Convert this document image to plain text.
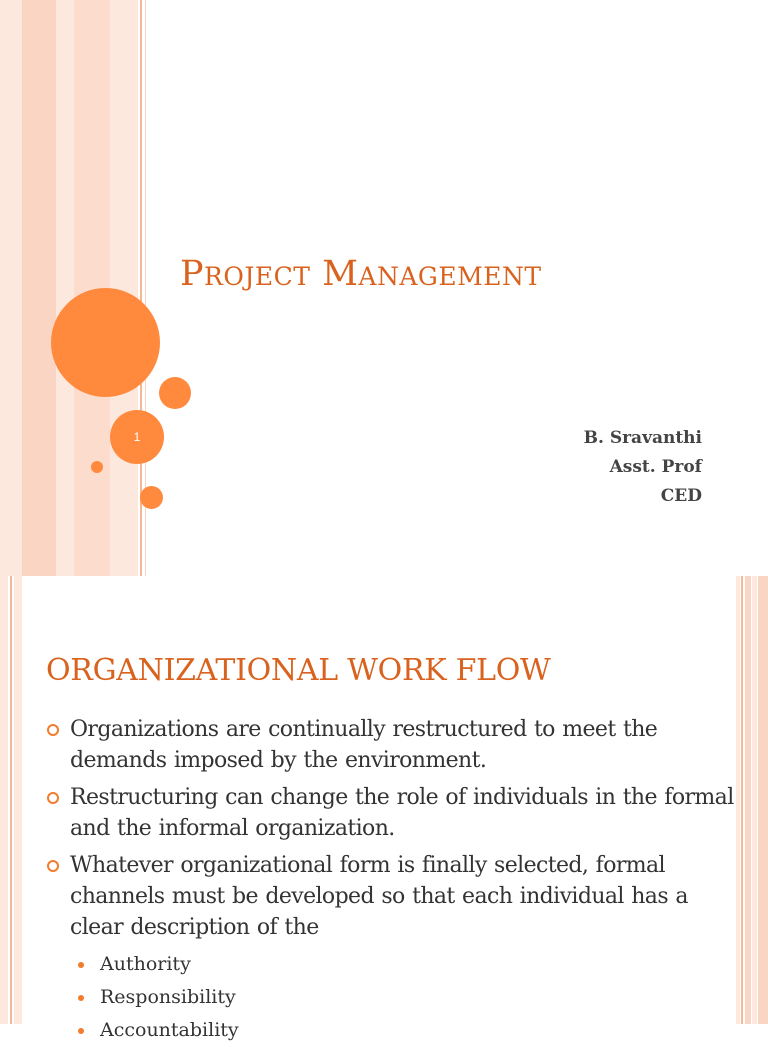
1
Project Management
B. Sravanthi
Asst. Prof
CED
ORGANIZATIONAL WORK FLOW
Organizations are continually restructured to meet the demands imposed by the environment.
Restructuring can change the role of individuals in the formal and the informal organization.
Whatever organizational form is finally selected, formal channels must be developed so that each individual has a clear description of the
Authority
Responsibility
Accountability
